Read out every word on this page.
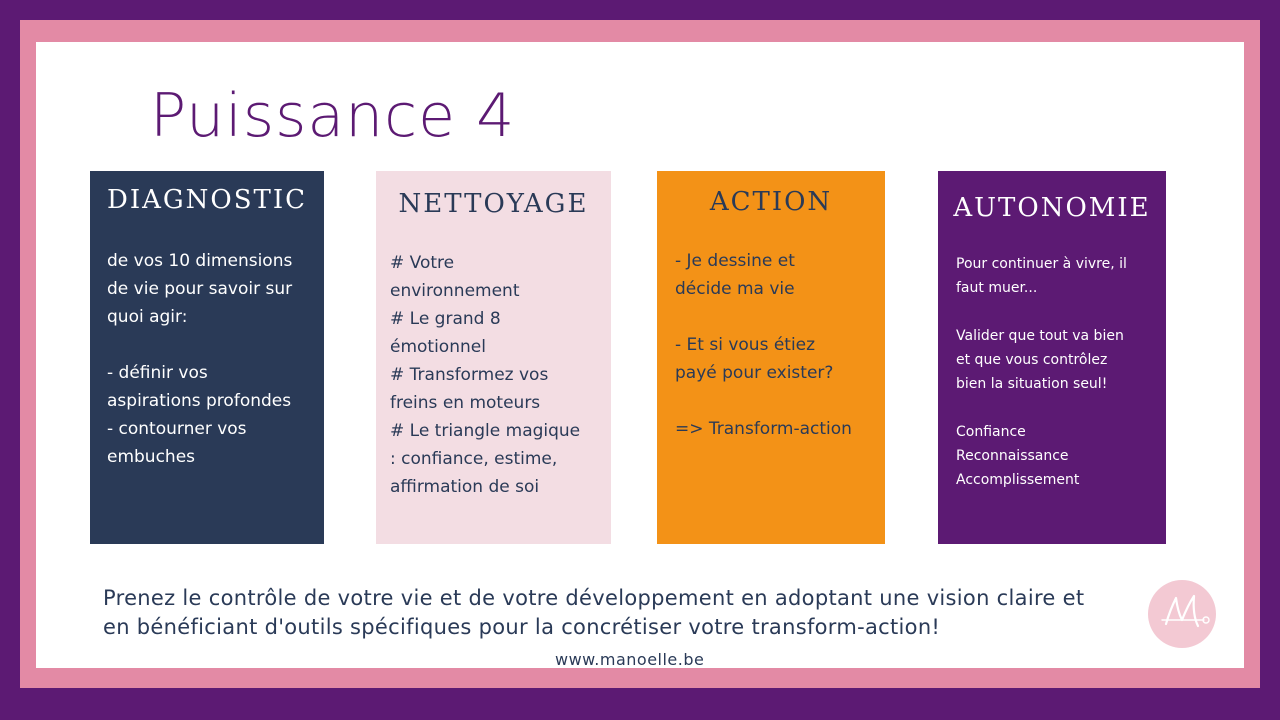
Puissance 4
DIAGNOSTIC
de vos 10 dimensions
de vie pour savoir sur
quoi agir:

- définir vos
aspirations profondes
- contourner vos
embuches
NETTOYAGE
# Votre
environnement
# Le grand 8
émotionnel
# Transformez vos
freins en moteurs
# Le triangle magique
: confiance, estime,
affirmation de soi
ACTION
- Je dessine et
décide ma vie

- Et si vous étiez
payé pour exister?

=> Transform-action
AUTONOMIE
Pour continuer à vivre, il
faut muer...

Valider que tout va bien
et que vous contrôlez
bien la situation seul!

Confiance
Reconnaissance
Accomplissement
Prenez le contrôle de votre vie et de votre développement en adoptant une vision claire et en bénéficiant d'outils spécifiques pour la concrétiser votre transform-action!
www.manoelle.be
